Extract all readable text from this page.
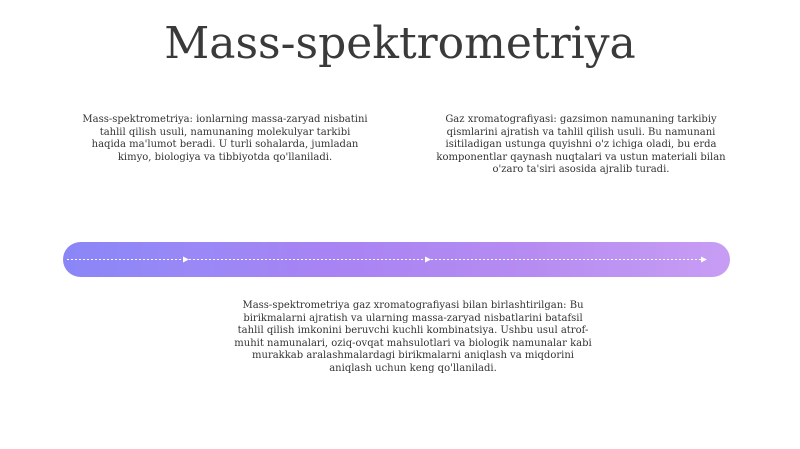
Mass-spektrometriya
Mass-spektrometriya: ionlarning massa-zaryad nisbatini tahlil qilish usuli, namunaning molekulyar tarkibi haqida ma'lumot beradi. U turli sohalarda, jumladan kimyo, biologiya va tibbiyotda qo'llaniladi.
Gaz xromatografiyasi: gazsimon namunaning tarkibiy qismlarini ajratish va tahlil qilish usuli. Bu namunani isitiladigan ustunga quyishni o'z ichiga oladi, bu erda komponentlar qaynash nuqtalari va ustun materiali bilan o'zaro ta'siri asosida ajralib turadi.
Mass-spektrometriya gaz xromatografiyasi bilan birlashtirilgan: Bu birikmalarni ajratish va ularning massa-zaryad nisbatlarini batafsil tahlil qilish imkonini beruvchi kuchli kombinatsiya. Ushbu usul atrof-muhit namunalari, oziq-ovqat mahsulotlari va biologik namunalar kabi murakkab aralashmalardagi birikmalarni aniqlash va miqdorini aniqlash uchun keng qo'llaniladi.
